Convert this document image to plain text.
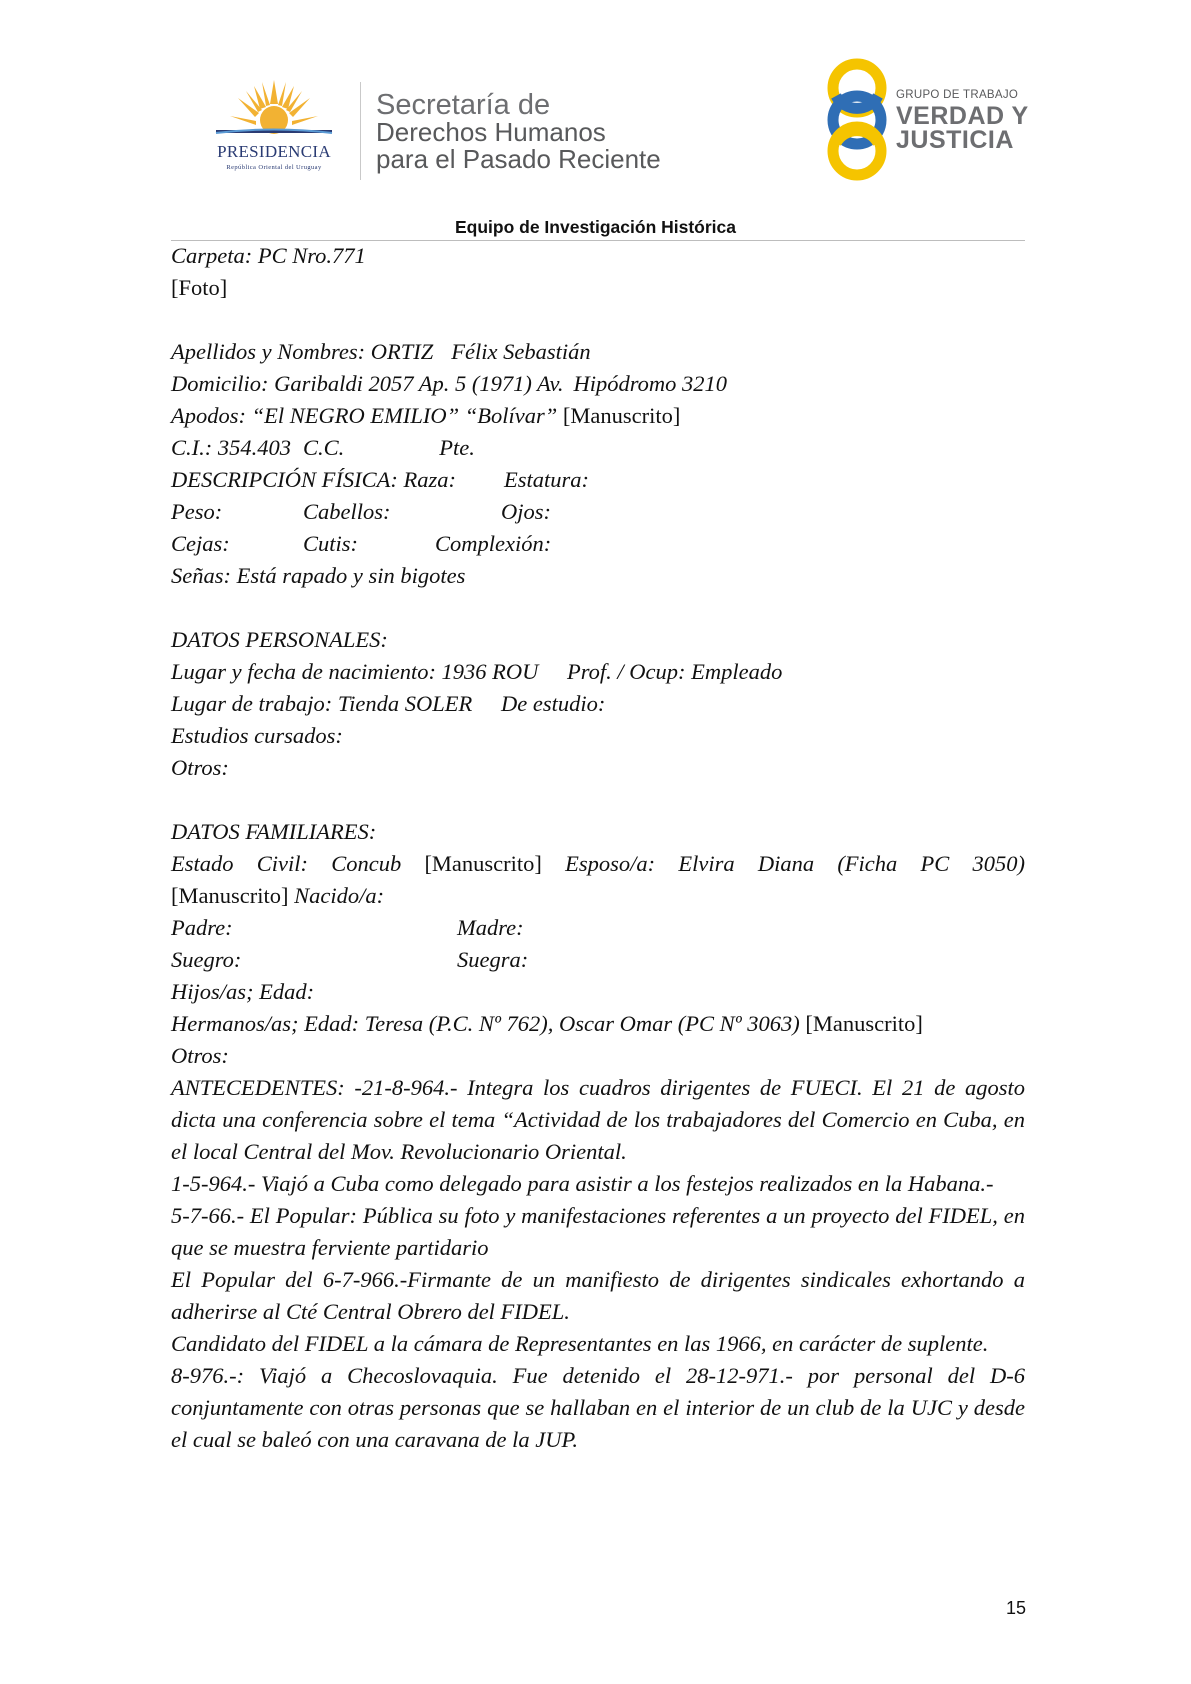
PRESIDENCIA
República Oriental del Uruguay
Secretaría de
Derechos Humanos
para el Pasado Reciente
GRUPO DE TRABAJO
VERDAD Y
JUSTICIA
Equipo de Investigación Histórica
Carpeta: PC Nro.771
[Foto]
Apellidos y Nombres: ORTIZ Félix Sebastián
Domicilio: Garibaldi 2057 Ap. 5 (1971) Av. Hipódromo 3210
Apodos: “El NEGRO EMILIO” “Bolívar” [Manuscrito]
C.I.: 354.403 C.C.	Pte.
DESCRIPCIÓN FÍSICA: Raza: Estatura:
Peso:	Cabellos:	Ojos:
Cejas:	Cutis:	Complexión:
Señas: Está rapado y sin bigotes
DATOS PERSONALES:
Lugar y fecha de nacimiento: 1936 ROU Prof. / Ocup: Empleado
Lugar de trabajo: Tienda SOLER De estudio:
Estudios cursados:
Otros:
DATOS FAMILIARES:
Estado Civil: Concub [Manuscrito] Esposo/a: Elvira Diana (Ficha PC 3050)
[Manuscrito] Nacido/a:
Padre:	Madre:
Suegro:	Suegra:
Hijos/as; Edad:
Hermanos/as; Edad: Teresa (P.C. Nº 762), Oscar Omar (PC Nº 3063) [Manuscrito]
Otros:
ANTECEDENTES: -21-8-964.- Integra los cuadros dirigentes de FUECI. El 21 de agosto dicta una conferencia sobre el tema “Actividad de los trabajadores del Comercio en Cuba, en el local Central del Mov. Revolucionario Oriental.
1-5-964.- Viajó a Cuba como delegado para asistir a los festejos realizados en la Habana.-
5-7-66.- El Popular: Pública su foto y manifestaciones referentes a un proyecto del FIDEL, en que se muestra ferviente partidario
El Popular del 6-7-966.-Firmante de un manifiesto de dirigentes sindicales exhortando a adherirse al Cté Central Obrero del FIDEL.
Candidato del FIDEL a la cámara de Representantes en las 1966, en carácter de suplente.
8-976.-: Viajó a Checoslovaquia. Fue detenido el 28-12-971.- por personal del D-6 conjuntamente con otras personas que se hallaban en el interior de un club de la UJC y desde el cual se baleó con una caravana de la JUP.
15
